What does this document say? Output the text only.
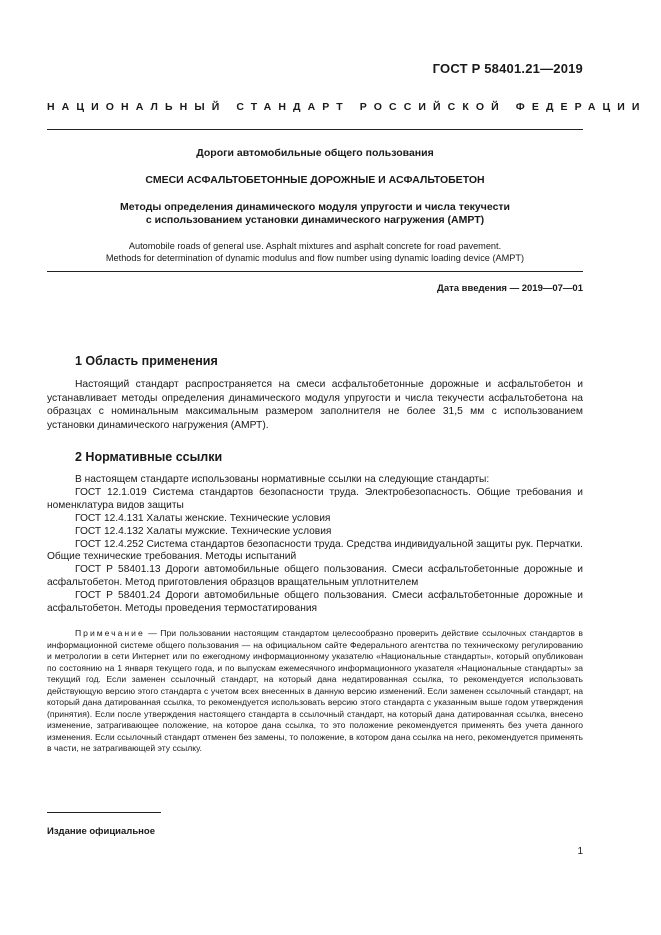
ГОСТ Р 58401.21—2019
НАЦИОНАЛЬНЫЙ СТАНДАРТ РОССИЙСКОЙ ФЕДЕРАЦИИ
Дороги автомобильные общего пользования
СМЕСИ АСФАЛЬТОБЕТОННЫЕ ДОРОЖНЫЕ И АСФАЛЬТОБЕТОН
Методы определения динамического модуля упругости и числа текучести
с использованием установки динамического нагружения (АМРТ)
Automobile roads of general use. Asphalt mixtures and asphalt concrete for road pavement.
Methods for determination of dynamic modulus and flow number using dynamic loading device (AMPT)
Дата введения — 2019—07—01
1 Область применения
Настоящий стандарт распространяется на смеси асфальтобетонные дорожные и асфальтобетон и устанавливает методы определения динамического модуля упругости и числа текучести асфальтобетона на образцах с номинальным максимальным размером заполнителя не более 31,5 мм с использованием установки динамического нагружения (АМРТ).
2 Нормативные ссылки

В настоящем стандарте использованы нормативные ссылки на следующие стандарты:

ГОСТ 12.1.019 Система стандартов безопасности труда. Электробезопасность. Общие требования и номенклатура видов защиты

ГОСТ 12.4.131 Халаты женские. Технические условия

ГОСТ 12.4.132 Халаты мужские. Технические условия

ГОСТ 12.4.252 Система стандартов безопасности труда. Средства индивидуальной защиты рук. Перчатки. Общие технические требования. Методы испытаний

ГОСТ Р 58401.13 Дороги автомобильные общего пользования. Смеси асфальтобетонные дорожные и асфальтобетон. Метод приготовления образцов вращательным уплотнителем

ГОСТ Р 58401.24 Дороги автомобильные общего пользования. Смеси асфальтобетонные дорожные и асфальтобетон. Методы проведения термостатирования

Примечание — При пользовании настоящим стандартом целесообразно проверить действие ссылочных стандартов в информационной системе общего пользования — на официальном сайте Федерального агентства по техническому регулированию и метрологии в сети Интернет или по ежегодному информационному указателю «Национальные стандарты», который опубликован по состоянию на 1 января текущего года, и по выпускам ежемесячного информационного указателя «Национальные стандарты» за текущий год. Если заменен ссылочный стандарт, на который дана недатированная ссылка, то рекомендуется использовать действующую версию этого стандарта с учетом всех внесенных в данную версию изменений. Если заменен ссылочный стандарт, на который дана датированная ссылка, то рекомендуется использовать версию этого стандарта с указанным выше годом утверждения (принятия). Если после утверждения настоящего стандарта в ссылочный стандарт, на который дана датированная ссылка, внесено изменение, затрагивающее положение, на которое дана ссылка, то это положение рекомендуется применять без учета данного изменения. Если ссылочный стандарт отменен без замены, то положение, в котором дана ссылка на него, рекомендуется применять в части, не затрагивающей эту ссылку.
Издание официальное
1
